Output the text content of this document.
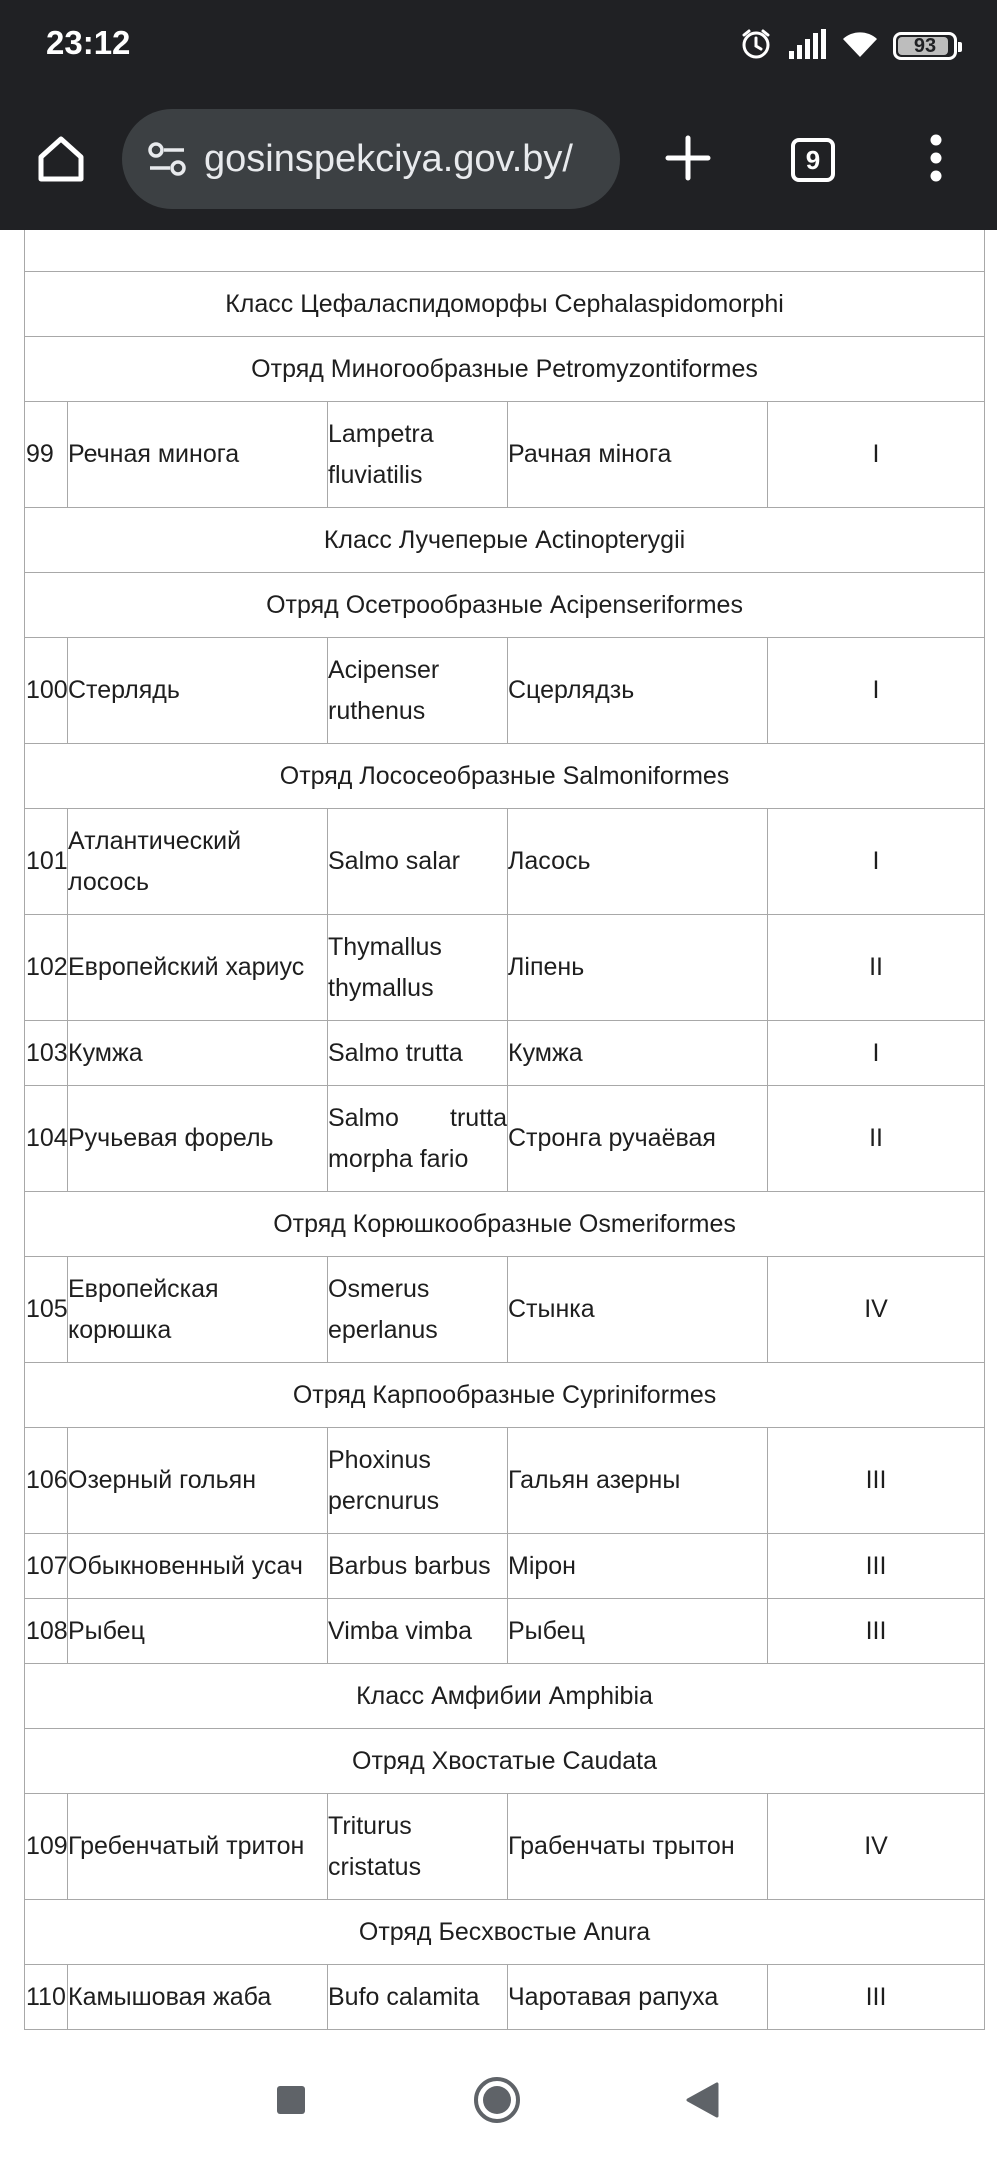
23:12	93
gosinspekciya.gov.by/	9

Класс Цефаласпидоморфы Cephalaspidomorphi				
Отряд Миногообразные Petromyzontiformes				
99	Речная минога	Lampetra fluviatilis	Рачная мінога	I
Класс Лучеперые Actinopterygii				
Отряд Осетрообразные Acipenseriformes				
100	Стерлядь	Acipenser ruthenus	Сцерлядзь	I
Отряд Лососеобразные Salmoniformes				
101	Атлантический лосось	Salmo salar	Ласось	I
102	Европейский хариус	Thymallus thymallus	Ліпень	II
103	Кумжа	Salmo trutta	Кумжа	I
104	Ручьевая форель	Salmo trutta morpha fario	Стронга ручаёвая	II
Отряд Корюшкообразные Osmeriformes				
105	Европейская корюшка	Osmerus eperlanus	Стынка	IV
Отряд Карпообразные Cypriniformes				
106	Озерный гольян	Phoxinus percnurus	Гальян азерны	III
107	Обыкновенный усач	Barbus barbus	Мірон	III
108	Рыбец	Vimba vimba	Рыбец	III
Класс Амфибии Amphibia				
Отряд Хвостатые Caudata				
109	Гребенчатый тритон	Triturus cristatus	Грабенчаты трытон	IV
Отряд Бесхвостые Anura				
110	Камышовая жаба	Bufo calamita	Чаротавая рапуха	III
